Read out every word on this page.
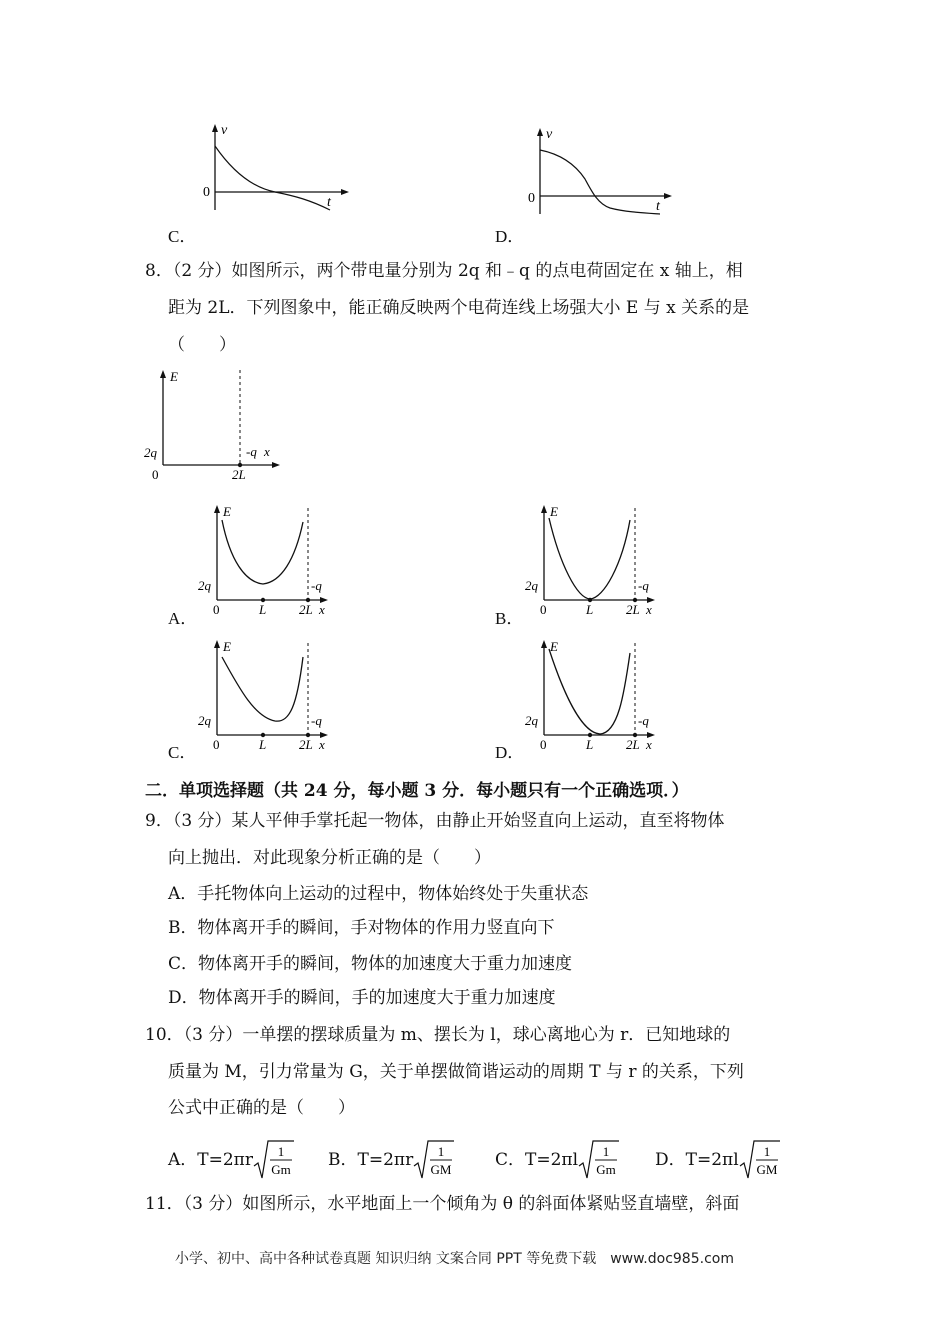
v
0
t
C．
v
0
t
D．
8．（2 分）如图所示，两个带电量分别为 2q 和﹣q 的点电荷固定在 x 轴上，相
距为 2L．下列图象中，能正确反映两个电荷连线上场强大小 E 与 x 关系的是
（　　）
E
2q
0
-q x
2L
E
2q	-q
0	L	2L x
A．
E
2q	-q
0	L	2L x
B．
E
2q	-q
0	L	2L x
C．
E
2q	-q
0	L	2L x
D．
二．单项选择题（共 24 分，每小题 3 分．每小题只有一个正确选项．）
9．（3 分）某人平伸手掌托起一物体，由静止开始竖直向上运动，直至将物体
向上抛出．对此现象分析正确的是（　　）
A．手托物体向上运动的过程中，物体始终处于失重状态
B．物体离开手的瞬间，手对物体的作用力竖直向下
C．物体离开手的瞬间，物体的加速度大于重力加速度
D．物体离开手的瞬间，手的加速度大于重力加速度
10．（3 分）一单摆的摆球质量为 m、摆长为 l，球心离地心为 r．已知地球的
质量为 M，引力常量为 G，关于单摆做简谐运动的周期 T 与 r 的关系，下列
公式中正确的是（　　）
A． T=2πr 1
Gm B． T=2πr 1
GM	C． T=2πl 1
Gm D． T=2πl 1
GM
11．（3 分）如图所示，水平地面上一个倾角为 θ 的斜面体紧贴竖直墙壁，斜面
小学、初中、高中各种试卷真题 知识归纳 文案合同 PPT 等免费下载　www.doc985.com
